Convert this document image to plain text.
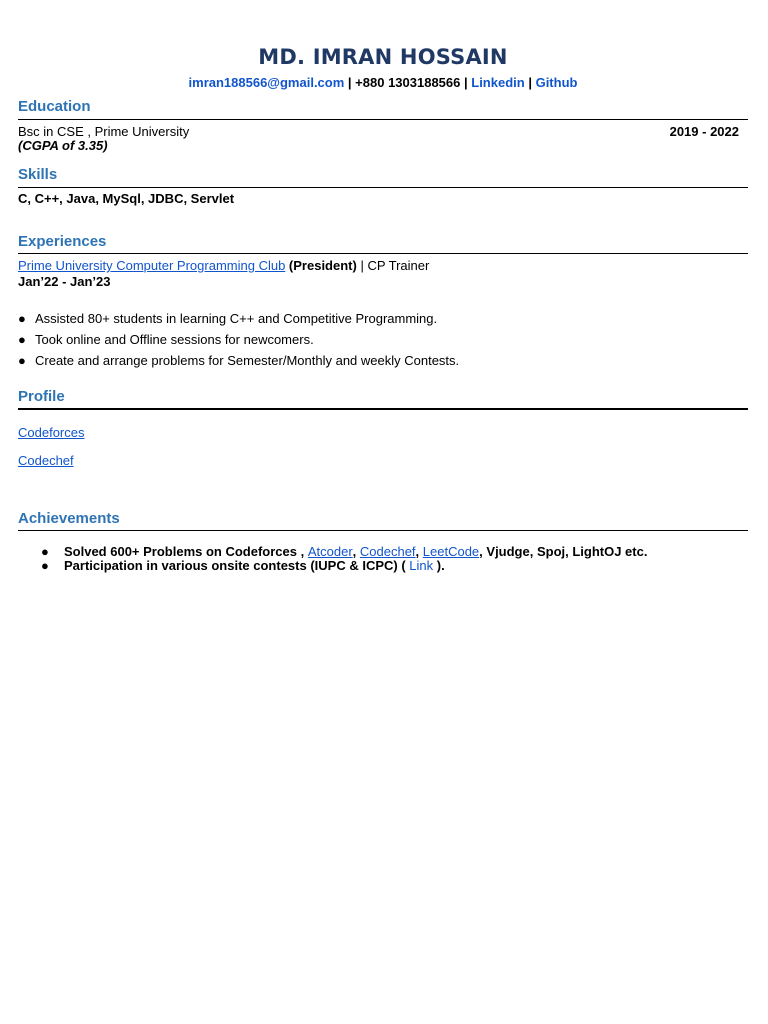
MD. IMRAN HOSSAIN
imran188566@gmail.com | +880 1303188566 | Linkedin | Github
Education
Bsc in CSE , Prime University	2019 - 2022
(CGPA of 3.35)
Skills
C, C++, Java, MySql, JDBC, Servlet
Experiences
Prime University Computer Programming Club (President) | CP Trainer
Jan’22 - Jan’23
● Assisted 80+ students in learning C++ and Competitive Programming.
● Took online and Offline sessions for newcomers.
● Create and arrange problems for Semester/Monthly and weekly Contests.
Profile
Codeforces
Codechef
Achievements
● Solved 600+ Problems on Codeforces , Atcoder, Codechef, LeetCode, Vjudge, Spoj, LightOJ etc.
● Participation in various onsite contests (IUPC & ICPC) ( Link ).
